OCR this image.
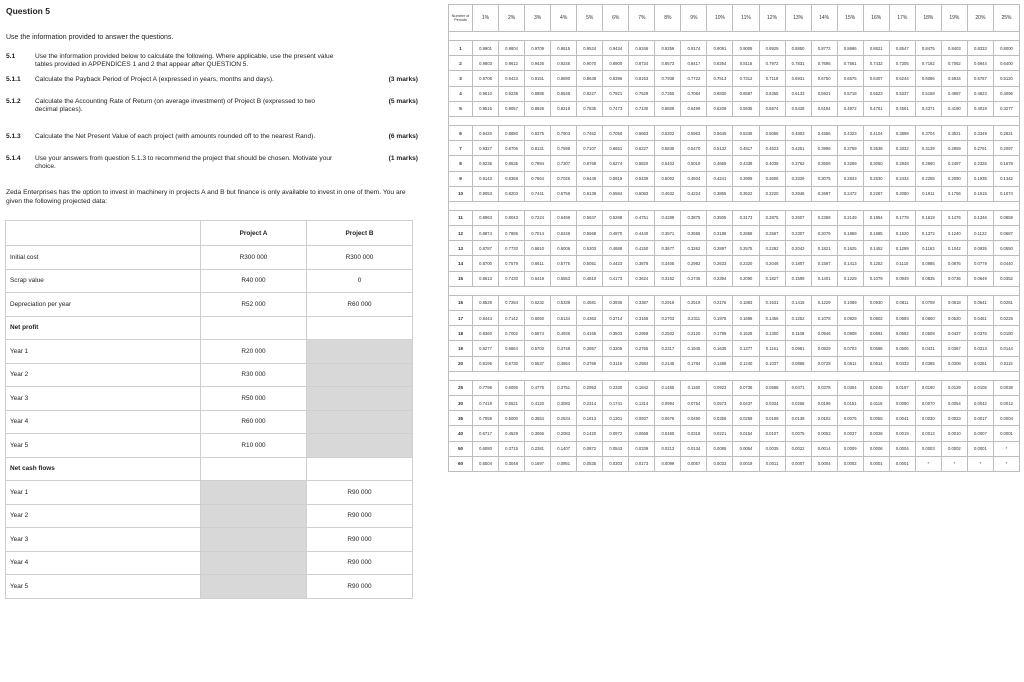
Question 5
Use the information provided to answer the questions.
5.1	Use the information provided below to calculate the following. Where applicable, use the present value tables provided in APPENDICES 1 and 2 that appear after QUESTION 5.
5.1.1 Calculate the Payback Period of Project A (expressed in years, months and days).	(3 marks)
5.1.2 Calculate the Accounting Rate of Return (on average investment) of Project B (expressed to two decimal places).
(5 marks)
5.1.3 Calculate the Net Present Value of each project (with amounts rounded off to the nearest Rand).	(6 marks)
5.1.4 Use your answers from question 5.1.3 to recommend the project that should be chosen. Motivate your choice.
(1 marks)
Zeda Enterprises has the option to invest in machinery in projects A and B but finance is only available to invest in one of them. You are given the following projected data:
	Project A	Project B
Initial cost	R300 000	R300 000
Scrap value	R40 000	0
Depreciation per year	R52 000	R60 000
Net profit		
Year 1	R20 000	
Year 2	R30 000	
Year 3	R50 000	
Year 4	R60 000	
Year 5	R10 000	
Net cash flows		
Year 1		R90 000
Year 2		R90 000
Year 3		R90 000
Year 4		R90 000
Year 5		R90 000
Number of Periods	1%	2%	3%	4%	5%	6%	7%	8%	9%	10%	11%	12%	13%	14%	15%	16%	17%	18%	19%	20%	25%

1	0.9901	0.9804	0.9709	0.9615	0.9524	0.9434	0.9346	0.9259	0.9174	0.9091	0.9009	0.8929	0.8850	0.8772	0.8696	0.8621	0.8547	0.8475	0.8403	0.8333	0.8000
2	0.9803	0.9612	0.9426	0.9246	0.9070	0.8900	0.8734	0.8573	0.8417	0.8264	0.8116	0.7972	0.7831	0.7695	0.7561	0.7432	0.7305	0.7182	0.7062	0.6944	0.6400
3	0.9706	0.9423	0.9151	0.8890	0.8638	0.8396	0.8163	0.7938	0.7722	0.7513	0.7312	0.7118	0.6931	0.6750	0.6575	0.6407	0.6244	0.6086	0.5934	0.5787	0.5120
4	0.9610	0.9238	0.8885	0.8548	0.8227	0.7921	0.7629	0.7350	0.7084	0.6830	0.6587	0.6355	0.6133	0.5921	0.5718	0.5523	0.5337	0.5158	0.4987	0.4823	0.4096
5	0.9515	0.9057	0.8626	0.8219	0.7835	0.7473	0.7130	0.6806	0.6499	0.6209	0.5935	0.5674	0.5428	0.5194	0.4972	0.4761	0.4561	0.4371	0.4190	0.4019	0.3277

6	0.9420	0.8880	0.8375	0.7903	0.7462	0.7050	0.6663	0.6302	0.5963	0.5645	0.5346	0.5066	0.4803	0.4556	0.4323	0.4104	0.3898	0.3704	0.3521	0.3349	0.2621
7	0.9327	0.8706	0.8131	0.7599	0.7107	0.6651	0.6227	0.5835	0.5470	0.5132	0.4817	0.4523	0.4251	0.3996	0.3759	0.3538	0.3332	0.3139	0.2959	0.2791	0.2097
8	0.9235	0.8535	0.7894	0.7307	0.6768	0.6274	0.5820	0.5403	0.5019	0.4665	0.4339	0.4039	0.3762	0.3506	0.3269	0.3050	0.2848	0.2660	0.2487	0.2326	0.1678
9	0.9143	0.8368	0.7664	0.7026	0.6446	0.5919	0.5439	0.5002	0.4604	0.4241	0.3909	0.3606	0.3329	0.3075	0.2843	0.2630	0.2434	0.2255	0.2090	0.1938	0.1342
10	0.9053	0.8203	0.7441	0.6756	0.6139	0.5584	0.5083	0.4632	0.4224	0.3855	0.3522	0.3220	0.2946	0.2697	0.2472	0.2267	0.2080	0.1911	0.1756	0.1615	0.1074

11	0.8963	0.8043	0.7224	0.6496	0.5847	0.5268	0.4751	0.4289	0.3875	0.3505	0.3173	0.2875	0.2607	0.2366	0.2149	0.1954	0.1778	0.1619	0.1476	0.1346	0.0859
12	0.8874	0.7885	0.7014	0.6246	0.5568	0.4970	0.4440	0.3971	0.3555	0.3186	0.2858	0.2567	0.2307	0.2076	0.1869	0.1685	0.1520	0.1372	0.1240	0.1122	0.0687
13	0.8787	0.7730	0.6810	0.6006	0.5303	0.4688	0.4150	0.3677	0.3262	0.2897	0.2575	0.2292	0.2042	0.1821	0.1625	0.1452	0.1299	0.1163	0.1042	0.0935	0.0550
14	0.8700	0.7579	0.6611	0.5775	0.5051	0.4423	0.3878	0.3405	0.2992	0.2633	0.2320	0.2046	0.1807	0.1597	0.1413	0.1252	0.1110	0.0985	0.0876	0.0779	0.0440
15	0.8613	0.7430	0.6419	0.5553	0.4810	0.4173	0.3624	0.3152	0.2745	0.2394	0.2090	0.1827	0.1599	0.1401	0.1229	0.1079	0.0949	0.0835	0.0736	0.0649	0.0352

16	0.8528	0.7284	0.6232	0.5339	0.4581	0.3936	0.3387	0.2919	0.2519	0.2176	0.1883	0.1631	0.1415	0.1229	0.1069	0.0930	0.0811	0.0708	0.0618	0.0541	0.0281
17	0.8444	0.7142	0.6050	0.5134	0.4363	0.3714	0.3166	0.2703	0.2311	0.1978	0.1696	0.1456	0.1252	0.1078	0.0929	0.0802	0.0693	0.0600	0.0520	0.0451	0.0225
18	0.8360	0.7002	0.5874	0.4936	0.4155	0.3503	0.2959	0.2502	0.2120	0.1799	0.1528	0.1300	0.1108	0.0946	0.0808	0.0691	0.0592	0.0508	0.0437	0.0376	0.0180
19	0.8277	0.6864	0.5703	0.4746	0.3957	0.3305	0.2765	0.2317	0.1945	0.1635	0.1377	0.1161	0.0981	0.0829	0.0703	0.0596	0.0506	0.0431	0.0367	0.0313	0.0144
20	0.8195	0.6730	0.5537	0.4564	0.3769	0.3118	0.2584	0.2145	0.1784	0.1486	0.1240	0.1037	0.0868	0.0728	0.0611	0.0514	0.0433	0.0365	0.0308	0.0261	0.0115

25	0.7798	0.6095	0.4776	0.3751	0.2953	0.2330	0.1842	0.1460	0.1160	0.0923	0.0736	0.0588	0.0471	0.0378	0.0304	0.0245	0.0197	0.0160	0.0129	0.0105	0.0038
30	0.7419	0.5521	0.4120	0.3083	0.2314	0.1741	0.1314	0.0994	0.0754	0.0573	0.0437	0.0334	0.0256	0.0196	0.0151	0.0116	0.0090	0.0070	0.0054	0.0042	0.0012
35	0.7059	0.5000	0.3554	0.2534	0.1813	0.1301	0.0937	0.0676	0.0490	0.0356	0.0259	0.0189	0.0139	0.0102	0.0075	0.0055	0.0041	0.0030	0.0023	0.0017	0.0004
40	0.6717	0.4529	0.3066	0.2083	0.1420	0.0972	0.0668	0.0460	0.0318	0.0221	0.0154	0.0107	0.0075	0.0053	0.0037	0.0026	0.0019	0.0013	0.0010	0.0007	0.0001
50	0.6080	0.3715	0.2281	0.1407	0.0872	0.0543	0.0339	0.0213	0.0134	0.0085	0.0054	0.0035	0.0022	0.0014	0.0009	0.0006	0.0004	0.0003	0.0002	0.0001	*
60	0.5504	0.3048	0.1697	0.0951	0.0535	0.0303	0.0173	0.0099	0.0057	0.0033	0.0019	0.0011	0.0007	0.0004	0.0002	0.0001	0.0001	*	*	*	*
